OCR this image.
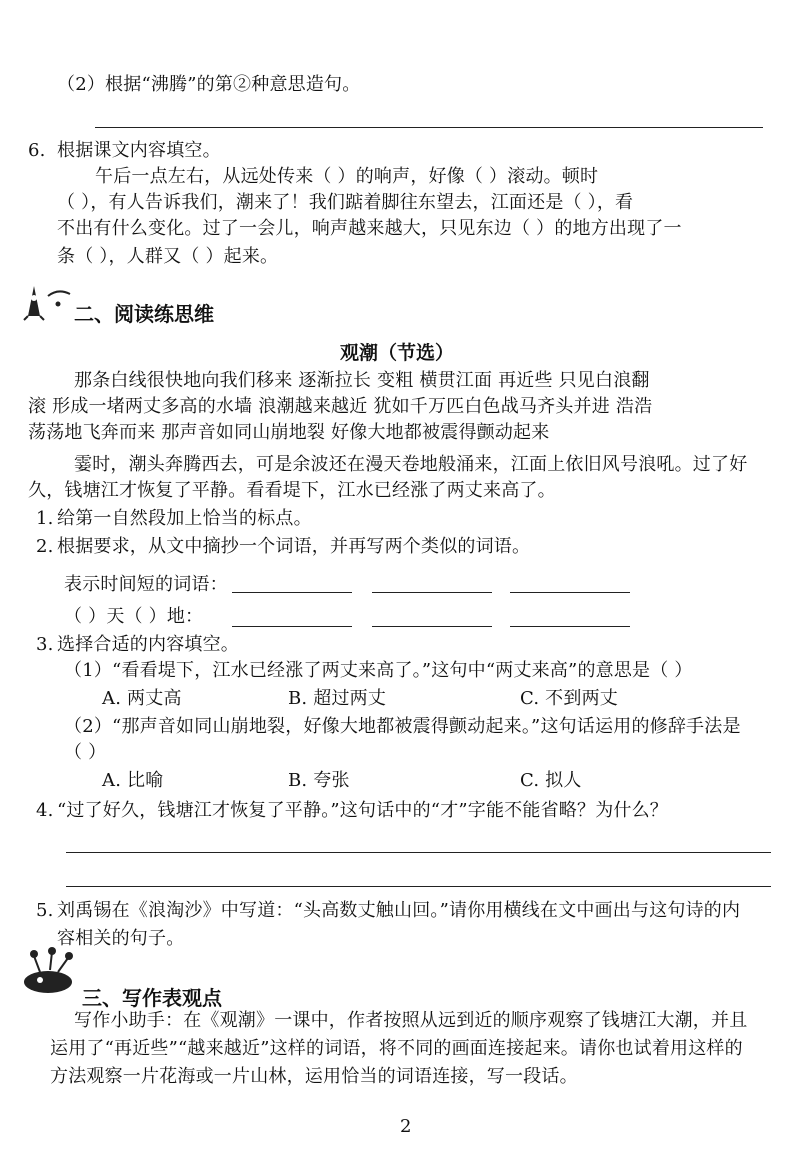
（2）根据“沸腾”的第②种意思造句。
6. 根据课文内容填空。
午后一点左右，从远处传来（ ）的响声，好像（ ）滚动。顿时
（ ），有人告诉我们，潮来了！我们踮着脚往东望去，江面还是（ ），看
不出有什么变化。过了一会儿，响声越来越大，只见东边（ ）的地方出现了一
条（ ），人群又（ ）起来。
二、阅读练思维
观潮（节选）
那条白线很快地向我们移来 逐渐拉长 变粗 横贯江面 再近些 只见白浪翻
滚 形成一堵两丈多高的水墙 浪潮越来越近 犹如千万匹白色战马齐头并进 浩浩
荡荡地飞奔而来 那声音如同山崩地裂 好像大地都被震得颤动起来
霎时，潮头奔腾西去，可是余波还在漫天卷地般涌来，江面上依旧风号浪吼。过了好
久，钱塘江才恢复了平静。看看堤下，江水已经涨了两丈来高了。
1. 给第一自然段加上恰当的标点。
2. 根据要求，从文中摘抄一个词语，并再写两个类似的词语。
表示时间短的词语：
（ ）天（ ）地：
3. 选择合适的内容填空。
（1）“看看堤下，江水已经涨了两丈来高了。”这句中“两丈来高”的意思是（ ）
A. 两丈高	B. 超过两丈	C. 不到两丈
（2）“那声音如同山崩地裂，好像大地都被震得颤动起来。”这句话运用的修辞手法是
（ ）
A. 比喻	B. 夸张	C. 拟人
4. “过了好久，钱塘江才恢复了平静。”这句话中的“才”字能不能省略？为什么？
5. 刘禹锡在《浪淘沙》中写道：“头高数丈触山回。”请你用横线在文中画出与这句诗的内
容相关的句子。
三、写作表观点
写作小助手：在《观潮》一课中，作者按照从远到近的顺序观察了钱塘江大潮，并且
运用了“再近些”“越来越近”这样的词语，将不同的画面连接起来。请你也试着用这样的
方法观察一片花海或一片山林，运用恰当的词语连接，写一段话。
2
